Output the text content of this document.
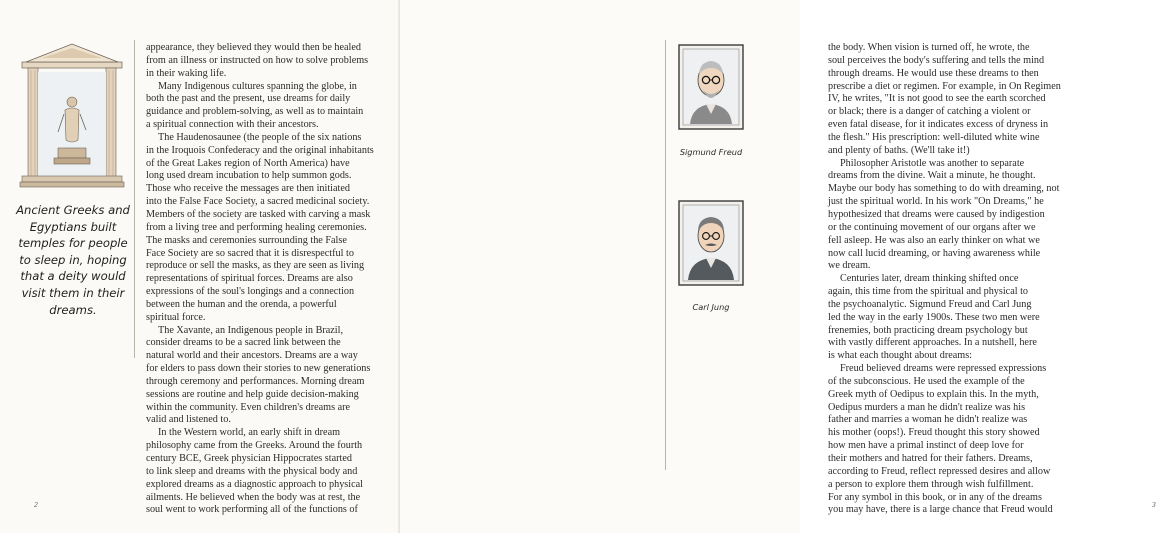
Ancient Greeks and Egyptians built temples for people to sleep in, hoping that a deity would visit them in their dreams.
appearance, they believed they would then be healed
from an illness or instructed on how to solve problems
in their waking life.
Many Indigenous cultures spanning the globe, in
both the past and the present, use dreams for daily
guidance and problem-solving, as well as to maintain
a spiritual connection with their ancestors.
The Haudenosaunee (the people of the six nations
in the Iroquois Confederacy and the original inhabitants
of the Great Lakes region of North America) have
long used dream incubation to help summon gods.
Those who receive the messages are then initiated
into the False Face Society, a sacred medicinal society.
Members of the society are tasked with carving a mask
from a living tree and performing healing ceremonies.
The masks and ceremonies surrounding the False
Face Society are so sacred that it is disrespectful to
reproduce or sell the masks, as they are seen as living
representations of spiritual forces. Dreams are also
expressions of the soul's longings and a connection
between the human and the orenda, a powerful
spiritual force.
The Xavante, an Indigenous people in Brazil,
consider dreams to be a sacred link between the
natural world and their ancestors. Dreams are a way
for elders to pass down their stories to new generations
through ceremony and performances. Morning dream
sessions are routine and help guide decision-making
within the community. Even children's dreams are
valid and listened to.
In the Western world, an early shift in dream
philosophy came from the Greeks. Around the fourth
century BCE, Greek physician Hippocrates started
to link sleep and dreams with the physical body and
explored dreams as a diagnostic approach to physical
ailments. He believed when the body was at rest, the
soul went to work performing all of the functions of
2
the body. When vision is turned off, he wrote, the
soul perceives the body's suffering and tells the mind
through dreams. He would use these dreams to then
prescribe a diet or regimen. For example, in On Regimen
IV, he writes, "It is not good to see the earth scorched
or black; there is a danger of catching a violent or
even fatal disease, for it indicates excess of dryness in
the flesh." His prescription: well-diluted white wine
and plenty of baths. (We'll take it!)
Philosopher Aristotle was another to separate
dreams from the divine. Wait a minute, he thought.
Maybe our body has something to do with dreaming, not
just the spiritual world. In his work "On Dreams," he
hypothesized that dreams were caused by indigestion
or the continuing movement of our organs after we
fell asleep. He was also an early thinker on what we
now call lucid dreaming, or having awareness while
we dream.
Centuries later, dream thinking shifted once
again, this time from the spiritual and physical to
the psychoanalytic. Sigmund Freud and Carl Jung
led the way in the early 1900s. These two men were
frenemies, both practicing dream psychology but
with vastly different approaches. In a nutshell, here
is what each thought about dreams:
Freud believed dreams were repressed expressions
of the subconscious. He used the example of the
Greek myth of Oedipus to explain this. In the myth,
Oedipus murders a man he didn't realize was his
father and marries a woman he didn't realize was
his mother (oops!). Freud thought this story showed
how men have a primal instinct of deep love for
their mothers and hatred for their fathers. Dreams,
according to Freud, reflect repressed desires and allow
a person to explore them through wish fulfillment.
For any symbol in this book, or in any of the dreams
you may have, there is a large chance that Freud would	3
Sigmund Freud
Carl Jung
